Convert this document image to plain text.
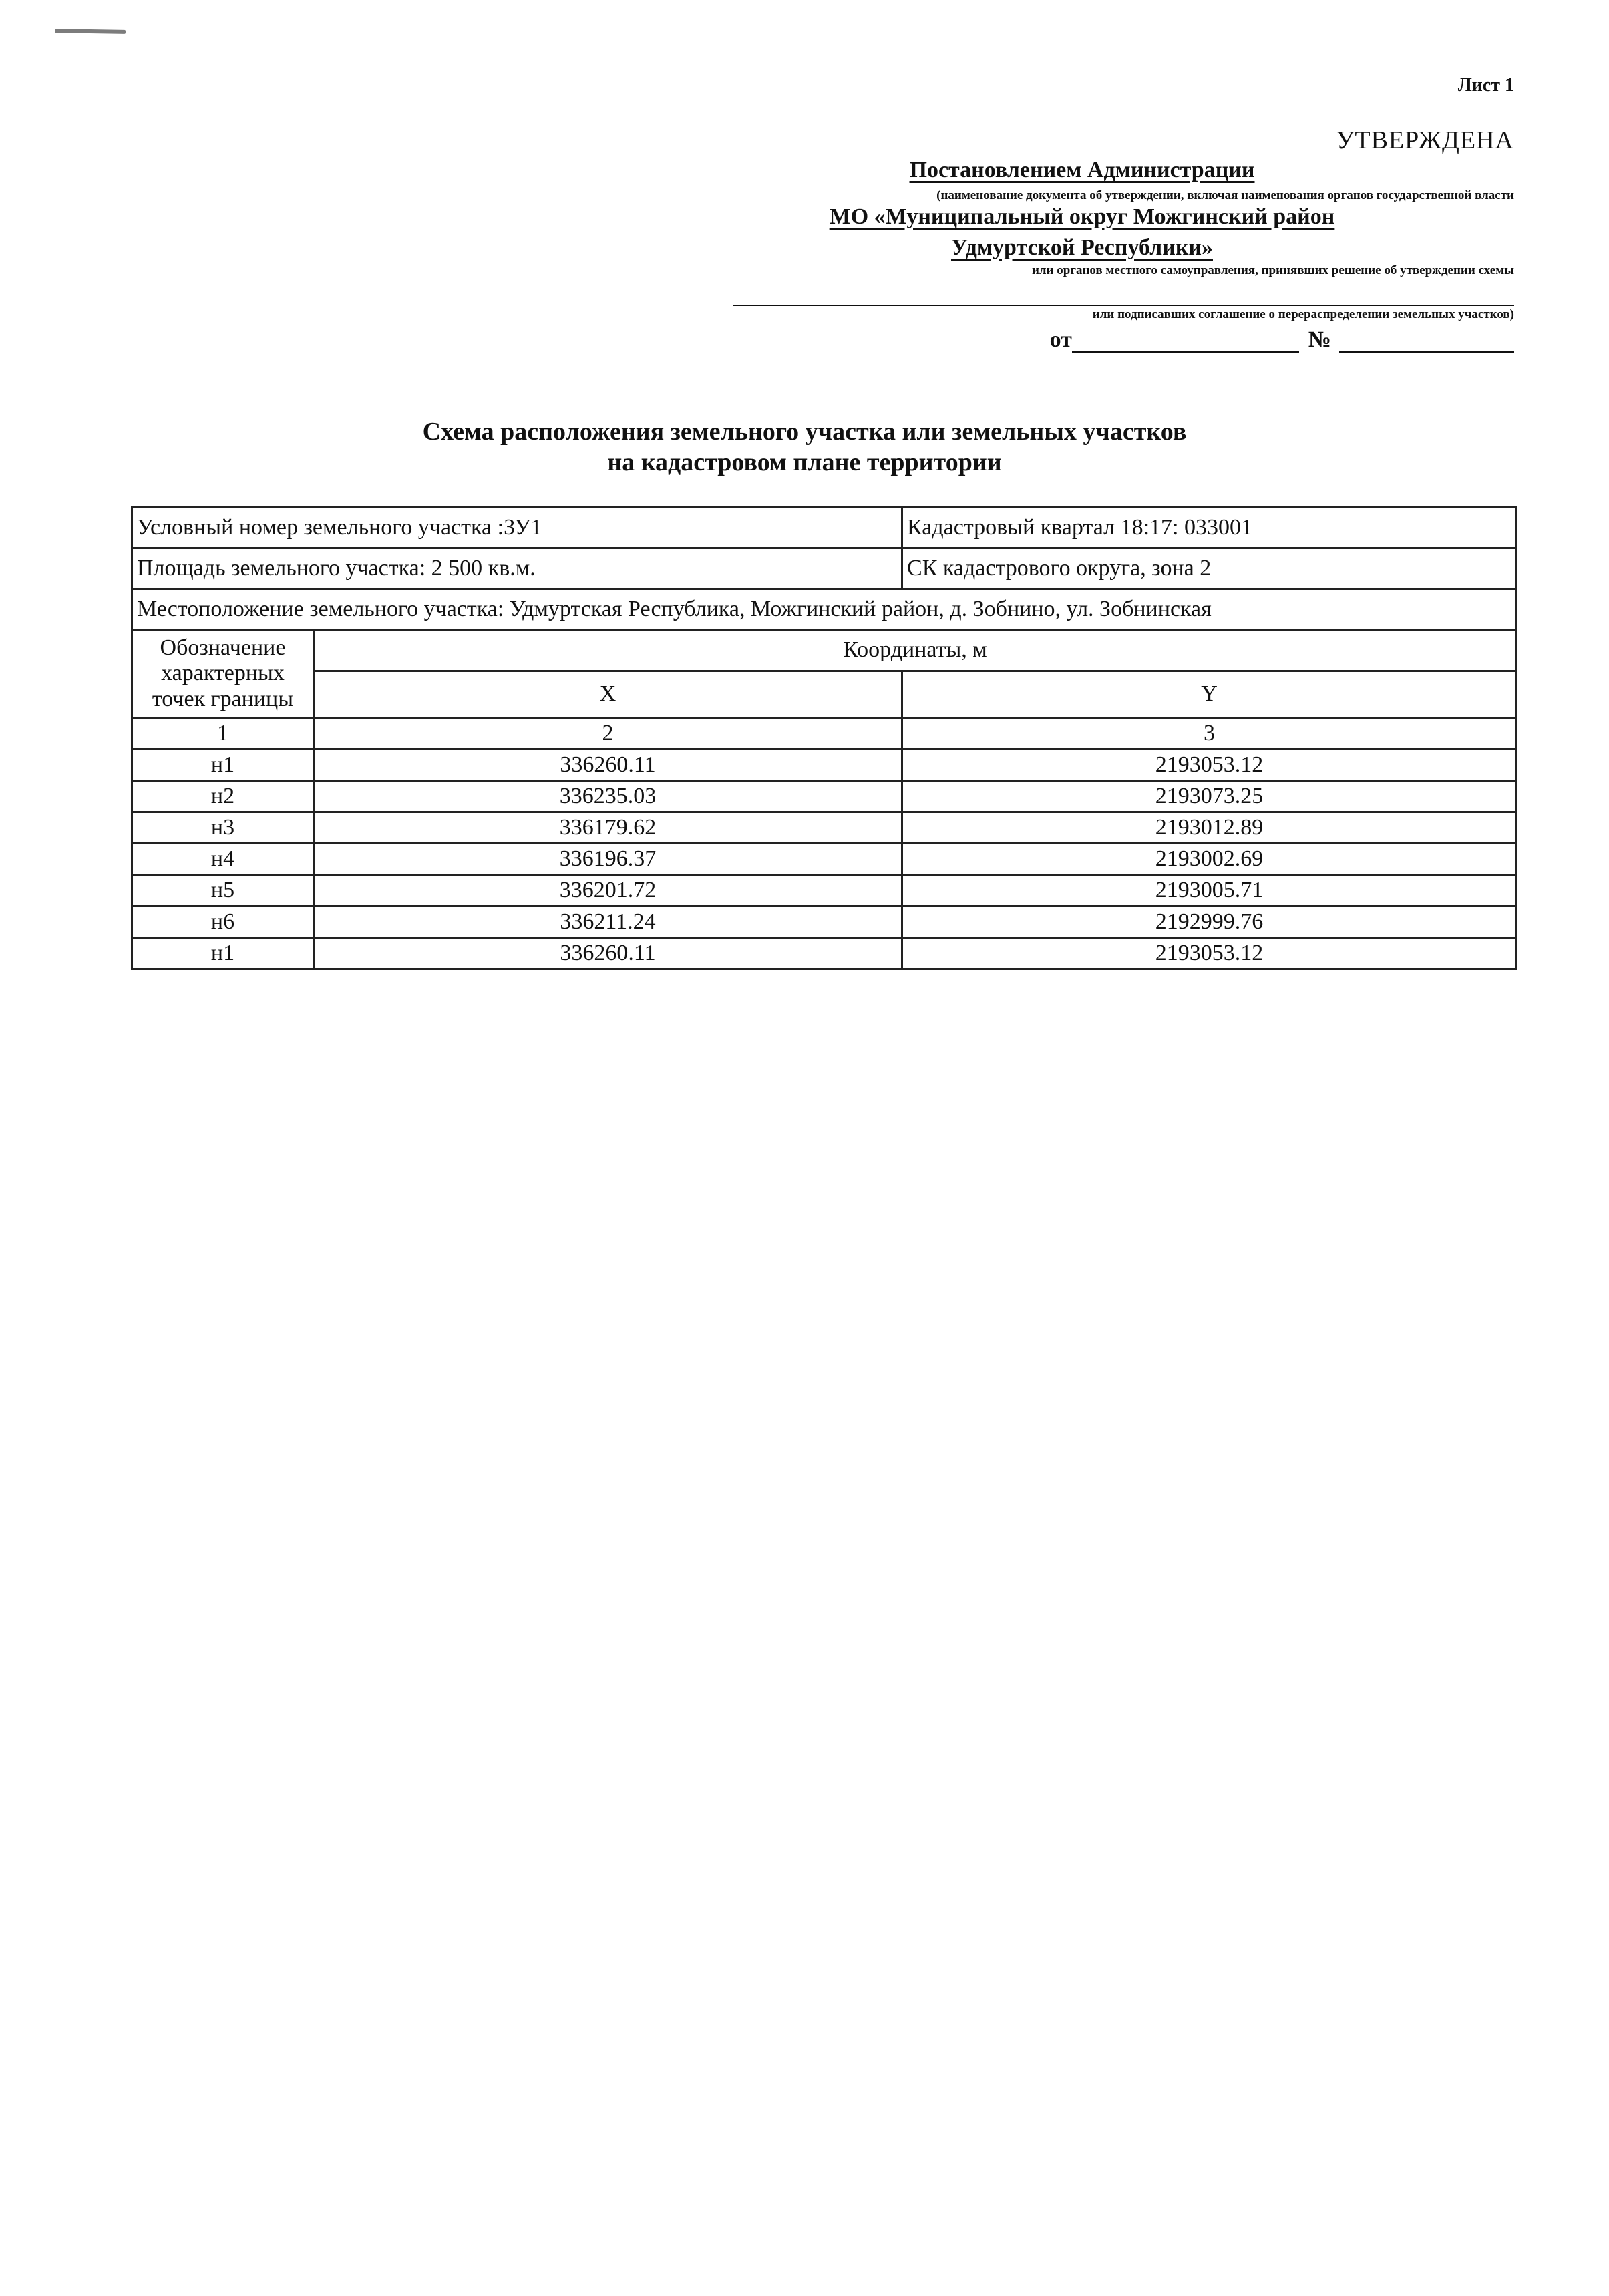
Лист 1
УТВЕРЖДЕНА
Постановлением Администрации
(наименование документа об утверждении, включая наименования органов государственной власти
МО «Муниципальный округ Можгинский район
Удмуртской Республики»
или органов местного самоуправления, принявших решение об утверждении схемы
или подписавших соглашение о перераспределении земельных участков)
от	№
Схема расположения земельного участка или земельных участков
на кадастровом плане территории
Условный номер земельного участка :ЗУ1		Кадастровый квартал 18:17: 033001
Площадь земельного участка: 2 500 кв.м.		СК кадастрового округа, зона 2
Местоположение земельного участка: Удмуртская Республика, Можгинский район, д. Зобнино, ул. Зобнинская		
Обозначение характерных точек границы	Координаты, м	
	X	Y
1	2	3
н1	336260.11	2193053.12
н2	336235.03	2193073.25
н3	336179.62	2193012.89
н4	336196.37	2193002.69
н5	336201.72	2193005.71
н6	336211.24	2192999.76
н1	336260.11	2193053.12
